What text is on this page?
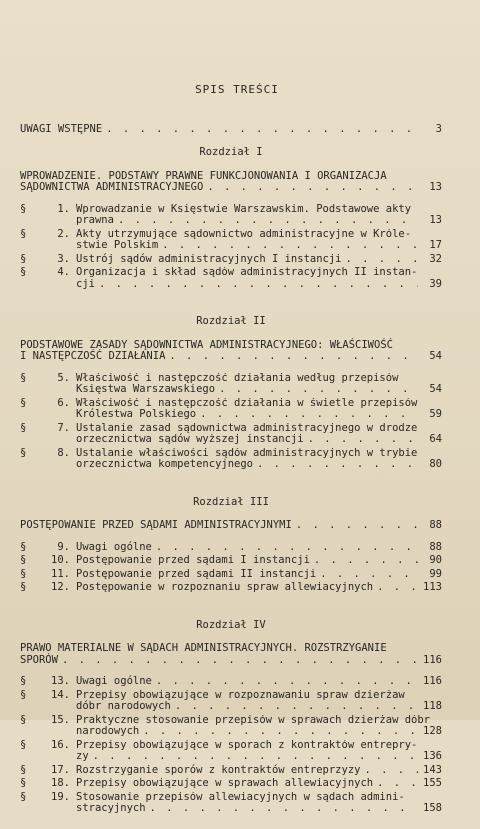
SPIS TREŚCI
UWAGI WSTĘPNE . . .	3
Rozdział I
WPROWADZENIE. PODSTAWY PRAWNE FUNKCJONOWANIA I ORGANIZACJA
SĄDOWNICTWA ADMINISTRACYJNEGO . . .	13
§	1. Wprowadzanie w Księstwie Warszawskim. Podstawowe akty
prawna . . .	13
§	2. Akty utrzymujące sądownictwo administracyjne w Króle-
stwie Polskim . . .	17
§	3. Ustrój sądów administracyjnych I instancji . . .	32
§	4. Organizacja i skład sądów administracyjnych II instan-
cji . . .	39
Rozdział II
PODSTAWOWE ZASADY SĄDOWNICTWA ADMINISTRACYJNEGO: WŁAŚCIWOŚĆ
I NASTĘPCZOŚĆ DZIAŁANIA . . .	54
§	5. Właściwość i następczość działania według przepisów
Księstwa Warszawskiego . . .	54
§	6. Właściwość i następczość działania w świetle przepisów
Królestwa Polskiego . . .	59
§	7. Ustalanie zasad sądownictwa administracyjnego w drodze
orzecznictwa sądów wyższej instancji . . .	64
§	8. Ustalanie właściwości sądów administracyjnych w trybie
orzecznictwa kompetencyjnego . . .	80
Rozdział III
POSTĘPOWANIE PRZED SĄDAMI ADMINISTRACYJNYMI . . .	88
§	9. Uwagi ogólne . . .	88
§	10. Postępowanie przed sądami I instancji . . .	90
§	11. Postępowanie przed sądami II instancji . . .	99
§	12. Postępowanie w rozpoznaniu spraw allewiacyjnych . . .	113
Rozdział IV
PRAWO MATERIALNE W SĄDACH ADMINISTRACYJNYCH. ROZSTRZYGANIE
SPORÓW . . .	116
§	13. Uwagi ogólne . . .	116
§	14. Przepisy obowiązujące w rozpoznawaniu spraw dzierżaw
dóbr narodowych . . .	118
§	15. Praktyczne stosowanie przepisów w sprawach dzierżaw dóbr
narodowych . . .	128
§	16. Przepisy obowiązujące w sporach z kontraktów entrepry-
zy . . .	136
§	17. Rozstrzyganie sporów z kontraktów entreprzyzy . . .	143
§	18. Przepisy obowiązujące w sprawach allewiacyjnych . . .	155
§	19. Stosowanie przepisów allewiacyjnych w sądach admini-
stracyjnych . . .	158
